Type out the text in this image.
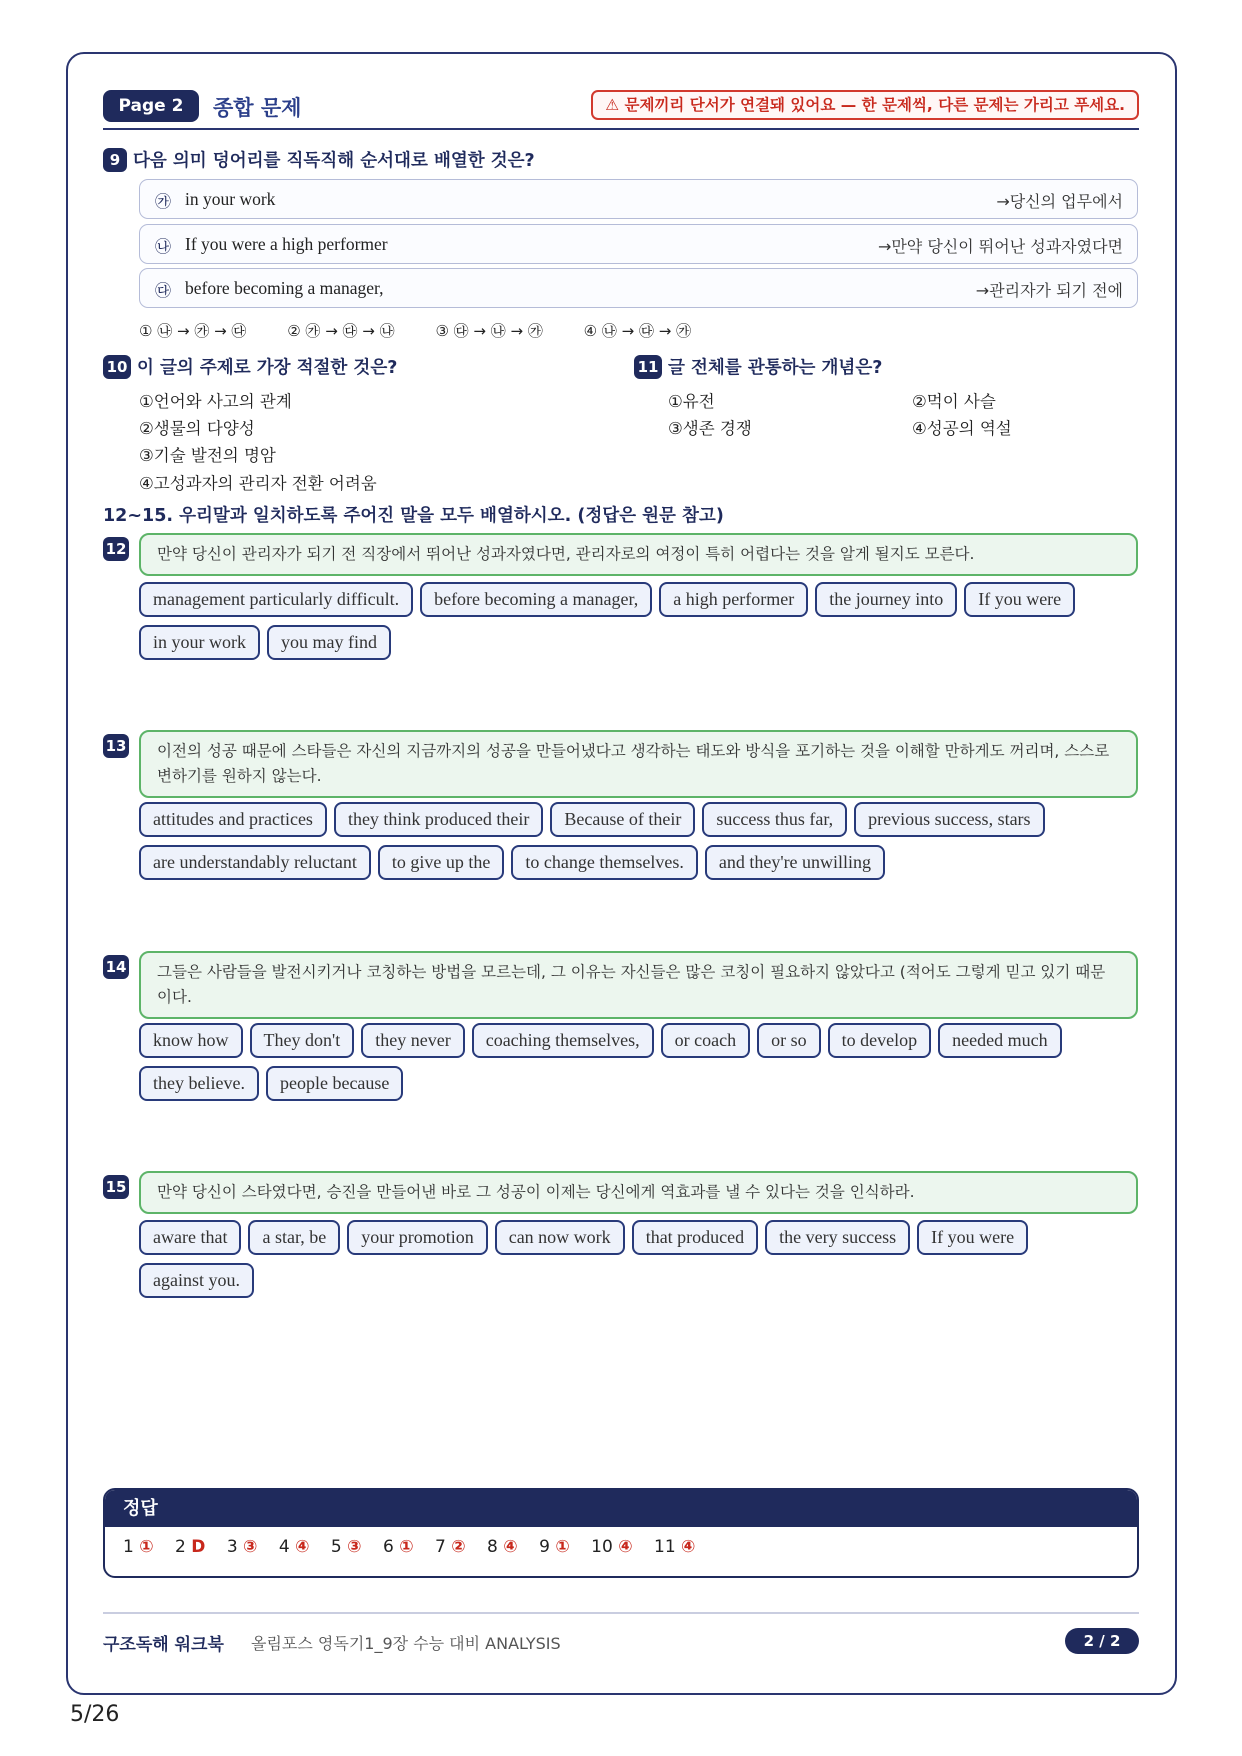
Page 2	종합 문제	⚠ 문제끼리 단서가 연결돼 있어요 — 한 문제씩, 다른 문제는 가리고 푸세요.
9 다음 의미 덩어리를 직독직해 순서대로 배열한 것은?
㉮ in your work	→당신의 업무에서
㉯ If you were a high performer	→만약 당신이 뛰어난 성과자였다면
㉰ before becoming a manager,	→관리자가 되기 전에
① ㉯ → ㉮ → ㉰	② ㉮ → ㉰ → ㉯	③ ㉰ → ㉯ → ㉮	④ ㉯ → ㉰ → ㉮
10 이 글의 주제로 가장 적절한 것은?
①언어와 사고의 관계
②생물의 다양성
③기술 발전의 명암
④고성과자의 관리자 전환 어려움
11 글 전체를 관통하는 개념은?
①유전	②먹이 사슬
③생존 경쟁	④성공의 역설
12~15. 우리말과 일치하도록 주어진 말을 모두 배열하시오. (정답은 원문 참고)
12	만약 당신이 관리자가 되기 전 직장에서 뛰어난 성과자였다면, 관리자로의 여정이 특히 어렵다는 것을 알게 될지도 모른다.
management particularly difficult.	before becoming a manager,	a high performer	the journey into	If you were
in your work	you may find
13	이전의 성공 때문에 스타들은 자신의 지금까지의 성공을 만들어냈다고 생각하는 태도와 방식을 포기하는 것을 이해할 만하게도 꺼리며, 스스로 변하기를 원하지 않는다.
attitudes and practices	they think produced their	Because of their	success thus far,	previous success, stars
are understandably reluctant	to give up the	to change themselves.	and they're unwilling
14	그들은 사람들을 발전시키거나 코칭하는 방법을 모르는데, 그 이유는 자신들은 많은 코칭이 필요하지 않았다고 (적어도 그렇게 믿고 있기 때문이다.
know how	They don't	they never	coaching themselves,	or coach	or so	to develop	needed much
they believe.	people because
15	만약 당신이 스타였다면, 승진을 만들어낸 바로 그 성공이 이제는 당신에게 역효과를 낼 수 있다는 것을 인식하라.
aware that	a star, be	your promotion	can now work	that produced	the very success	If you were
against you.
정답
1 ① 2 D 3 ③ 4 ④ 5 ③ 6 ① 7 ② 8 ④ 9 ① 10 ④ 11 ④
구조독해 워크북 올림포스 영독기1_9장 수능 대비 ANALYSIS	2 / 2
5/26
